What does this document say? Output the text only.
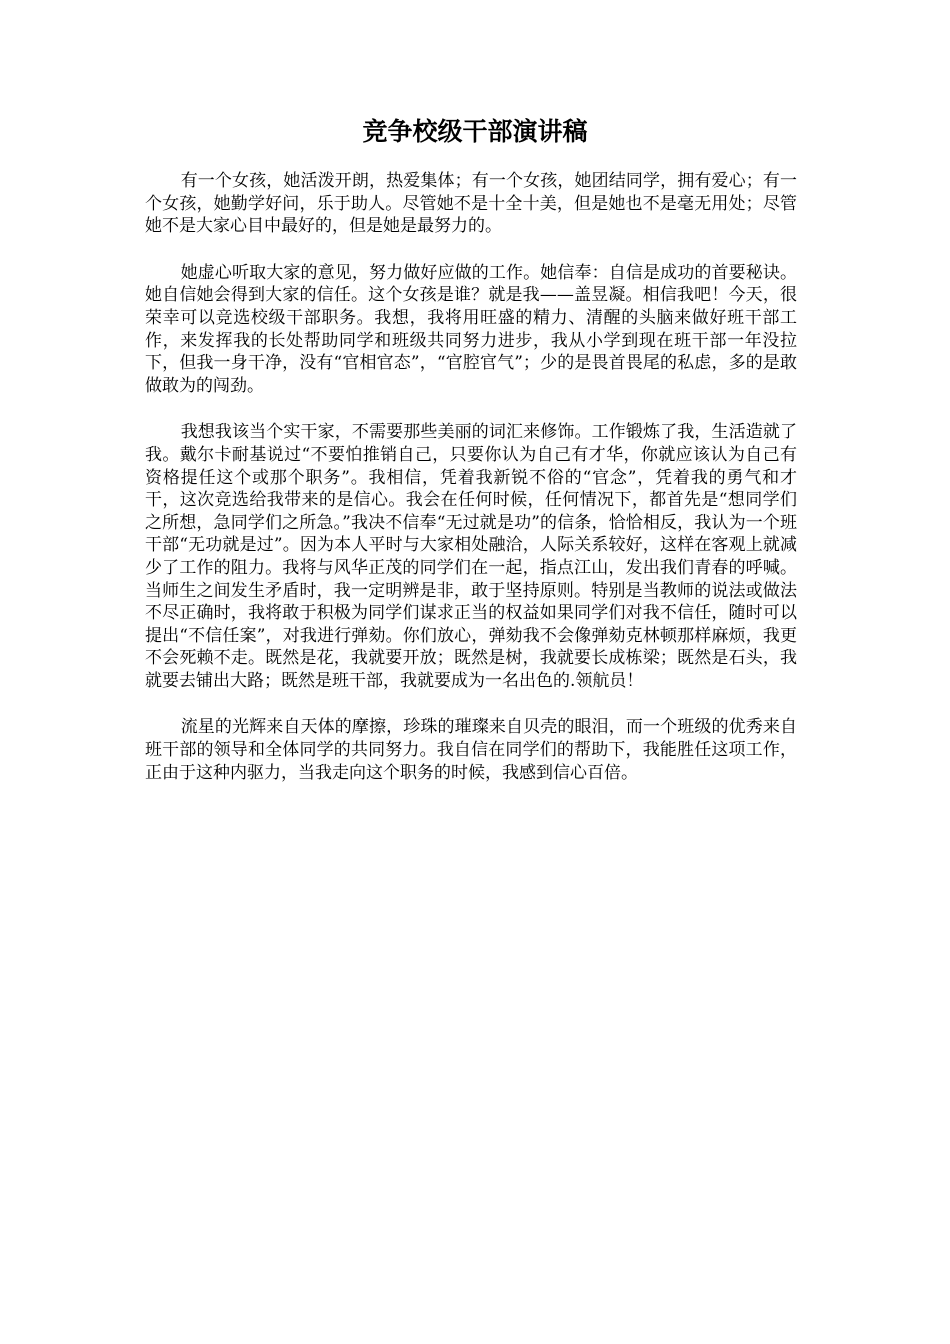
竞争校级干部演讲稿

有一个女孩，她活泼开朗，热爱集体；有一个女孩，她团结同学，拥有爱心；有一个女孩，她勤学好问，乐于助人。尽管她不是十全十美，但是她也不是毫无用处；尽管她不是大家心目中最好的，但是她是最努力的。

她虚心听取大家的意见，努力做好应做的工作。她信奉：自信是成功的首要秘诀。她自信她会得到大家的信任。这个女孩是谁？就是我——盖昱凝。相信我吧！今天，很荣幸可以竞选校级干部职务。我想，我将用旺盛的精力、清醒的头脑来做好班干部工作，来发挥我的长处帮助同学和班级共同努力进步，我从小学到现在班干部一年没拉下，但我一身干净，没有“官相官态”，“官腔官气”；少的是畏首畏尾的私虑，多的是敢做敢为的闯劲。

我想我该当个实干家，不需要那些美丽的词汇来修饰。工作锻炼了我，生活造就了我。戴尔卡耐基说过“不要怕推销自己，只要你认为自己有才华，你就应该认为自己有资格提任这个或那个职务”。我相信，凭着我新锐不俗的“官念”，凭着我的勇气和才干，这次竞选给我带来的是信心。我会在任何时候，任何情况下，都首先是“想同学们之所想，急同学们之所急。”我决不信奉“无过就是功”的信条，恰恰相反，我认为一个班干部“无功就是过”。因为本人平时与大家相处融洽，人际关系较好，这样在客观上就减少了工作的阻力。我将与风华正茂的同学们在一起，指点江山，发出我们青春的呼喊。当师生之间发生矛盾时，我一定明辨是非，敢于坚持原则。特别是当教师的说法或做法不尽正确时，我将敢于积极为同学们谋求正当的权益如果同学们对我不信任，随时可以提出“不信任案”，对我进行弹劾。你们放心，弹劾我不会像弹劾克林顿那样麻烦，我更不会死赖不走。既然是花，我就要开放；既然是树，我就要长成栋梁；既然是石头，我就要去铺出大路；既然是班干部，我就要成为一名出色的.领航员！

流星的光辉来自天体的摩擦，珍珠的璀璨来自贝壳的眼泪，而一个班级的优秀来自班干部的领导和全体同学的共同努力。我自信在同学们的帮助下，我能胜任这项工作，正由于这种内驱力，当我走向这个职务的时候，我感到信心百倍。
